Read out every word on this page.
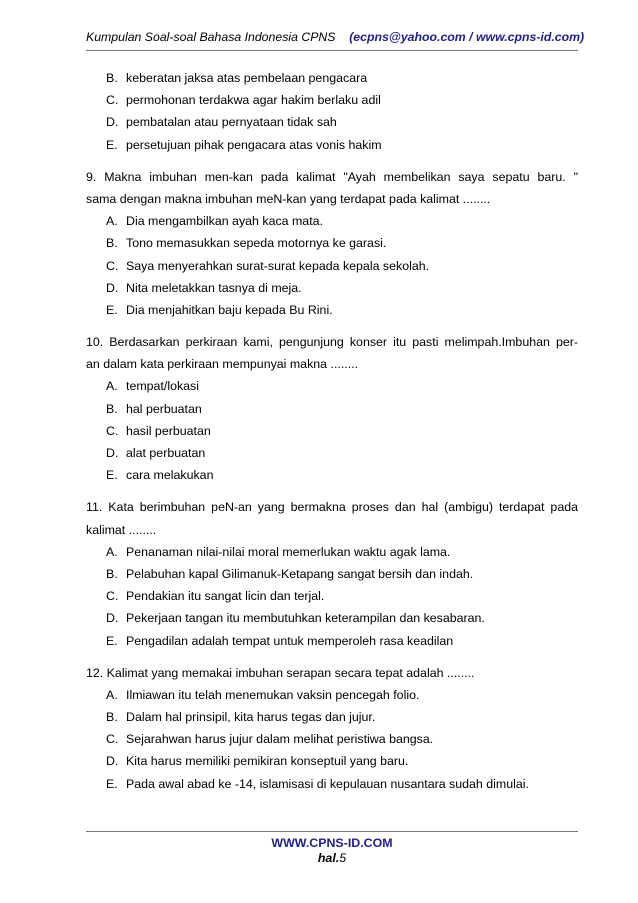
Kumpulan Soal-soal Bahasa Indonesia CPNS (ecpns@yahoo.com / www.cpns-id.com)
B. keberatan jaksa atas pembelaan pengacara
C. permohonan terdakwa agar hakim berlaku adil
D. pembatalan atau pernyataan tidak sah
E. persetujuan pihak pengacara atas vonis hakim
9. Makna imbuhan men-kan pada kalimat "Ayah membelikan saya sepatu baru. "
sama dengan makna imbuhan meN-kan yang terdapat pada kalimat ........
A. Dia mengambilkan ayah kaca mata.
B. Tono memasukkan sepeda motornya ke garasi.
C. Saya menyerahkan surat-surat kepada kepala sekolah.
D. Nita meletakkan tasnya di meja.
E. Dia menjahitkan baju kepada Bu Rini.
10. Berdasarkan perkiraan kami, pengunjung konser itu pasti melimpah.Imbuhan per-
an dalam kata perkiraan mempunyai makna ........
A. tempat/lokasi
B. hal perbuatan
C. hasil perbuatan
D. alat perbuatan
E. cara melakukan
11. Kata berimbuhan peN-an yang bermakna proses dan hal (ambigu) terdapat pada
kalimat ........
A. Penanaman nilai-nilai moral memerlukan waktu agak lama.
B. Pelabuhan kapal Gilimanuk-Ketapang sangat bersih dan indah.
C. Pendakian itu sangat licin dan terjal.
D. Pekerjaan tangan itu membutuhkan keterampilan dan kesabaran.
E. Pengadilan adalah tempat untuk memperoleh rasa keadilan
12. Kalimat yang memakai imbuhan serapan secara tepat adalah ........
A. Ilmiawan itu telah menemukan vaksin pencegah folio.
B. Dalam hal prinsipil, kita harus tegas dan jujur.
C. Sejarahwan harus jujur dalam melihat peristiwa bangsa.
D. Kita harus memiliki pemikiran konseptuil yang baru.
E. Pada awal abad ke -14, islamisasi di kepulauan nusantara sudah dimulai.
WWW.CPNS-ID.COM
hal.5
